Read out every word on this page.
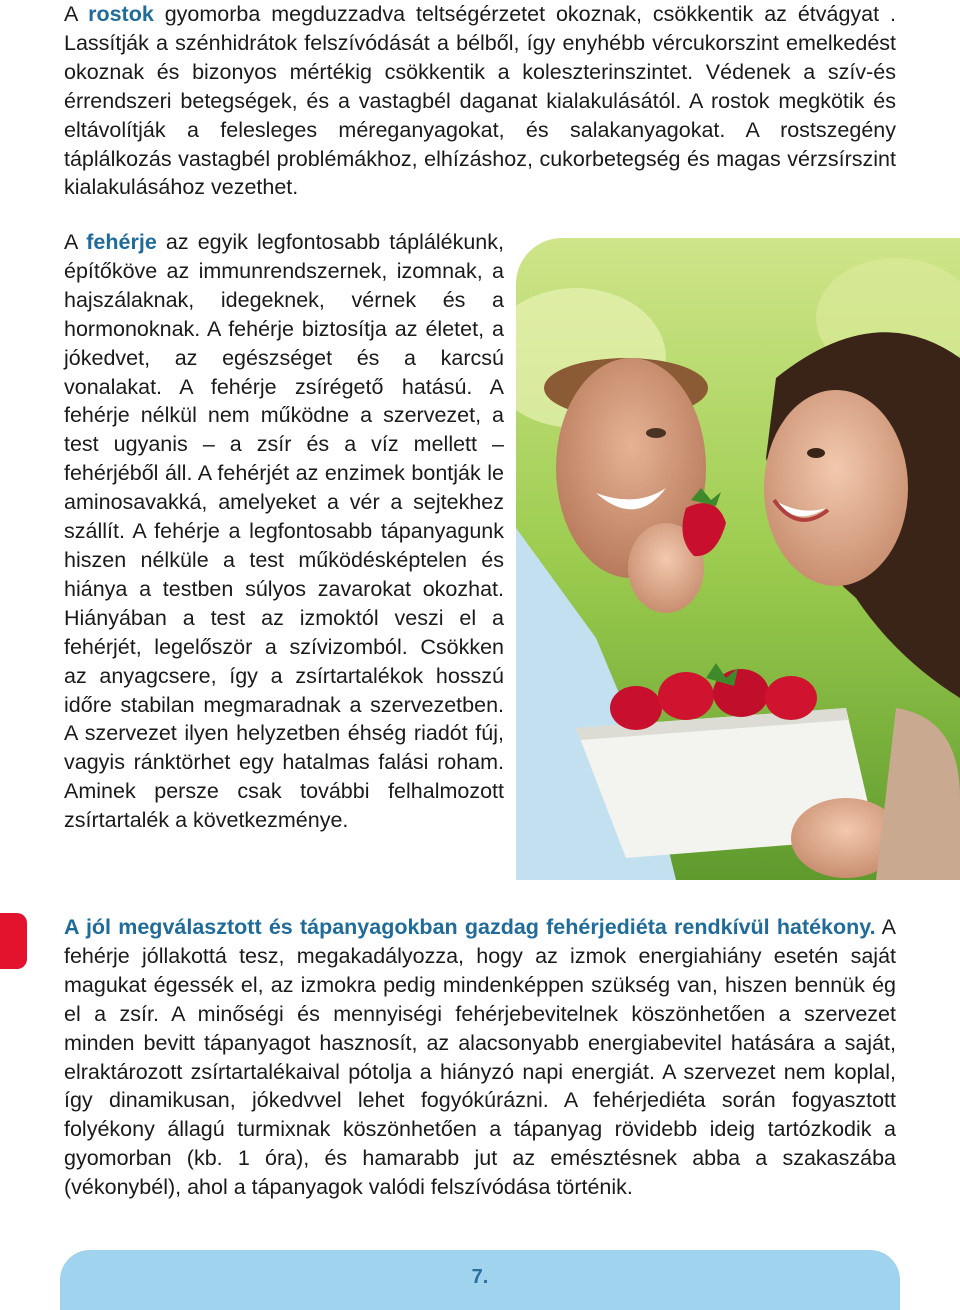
A rostok gyomorba megduzzadva teltségérzetet okoznak, csökkentik az étvágyat . Lassítják a szénhidrátok felszívódását a bélből, így enyhébb vércukorszint emelkedést okoznak és bizonyos mértékig csökkentik a koleszterinszintet. Védenek a szív-és érrendszeri betegségek, és a vastagbél daganat kialakulásától. A rostok megkötik és eltávolítják a felesleges méreganyagokat, és salakanyagokat. A rostszegény táplálkozás vastagbél problémákhoz, elhízáshoz, cukorbetegség és magas vérzsírszint kialakulásához vezethet.

A fehérje az egyik legfontosabb táplálékunk, építőköve az immunrendszernek, izomnak, a hajszálaknak, idegeknek, vérnek és a hormonoknak. A fehérje biztosítja az életet, a jókedvet, az egészséget és a karcsú vonalakat. A fehérje zsírégető hatású. A fehérje nélkül nem működne a szervezet, a test ugyanis – a zsír és a víz mellett – fehérjéből áll. A fehérjét az enzimek bontják le aminosavakká, amelyeket a vér a sejtekhez szállít. A fehérje a legfontosabb tápanyagunk hiszen nélküle a test működésképtelen és hiánya a testben súlyos zavarokat okozhat. Hiányában a test az izmoktól veszi el a fehérjét, legelőször a szívizomból. Csökken az anyagcsere, így a zsírtartalékok hosszú időre stabilan megmaradnak a szervezetben. A szervezet ilyen helyzetben éhség riadót fúj, vagyis ránktörhet egy hatalmas falási roham. Aminek persze csak további felhalmozott zsírtartalék a következménye.

A jól megválasztott és tápanyagokban gazdag fehérjediéta rendkívül hatékony. A fehérje jóllakottá tesz, megakadályozza, hogy az izmok energiahiány esetén saját magukat égessék el, az izmokra pedig mindenképpen szükség van, hiszen bennük ég el a zsír. A minőségi és mennyiségi fehérjebevitelnek köszönhetően a szervezet minden bevitt tápanyagot hasznosít, az alacsonyabb energiabevitel hatására a saját, elraktározott zsírtartalékaival pótolja a hiányzó napi energiát. A szervezet nem koplal, így dinamikusan, jókedvvel lehet fogyókúrázni. A fehérjediéta során fogyasztott folyékony állagú turmixnak köszönhetően a tápanyag rövidebb ideig tartózkodik a gyomorban (kb. 1 óra), és hamarabb jut az emésztésnek abba a szakaszába (vékonybél), ahol a tápanyagok valódi felszívódása történik.

7.
